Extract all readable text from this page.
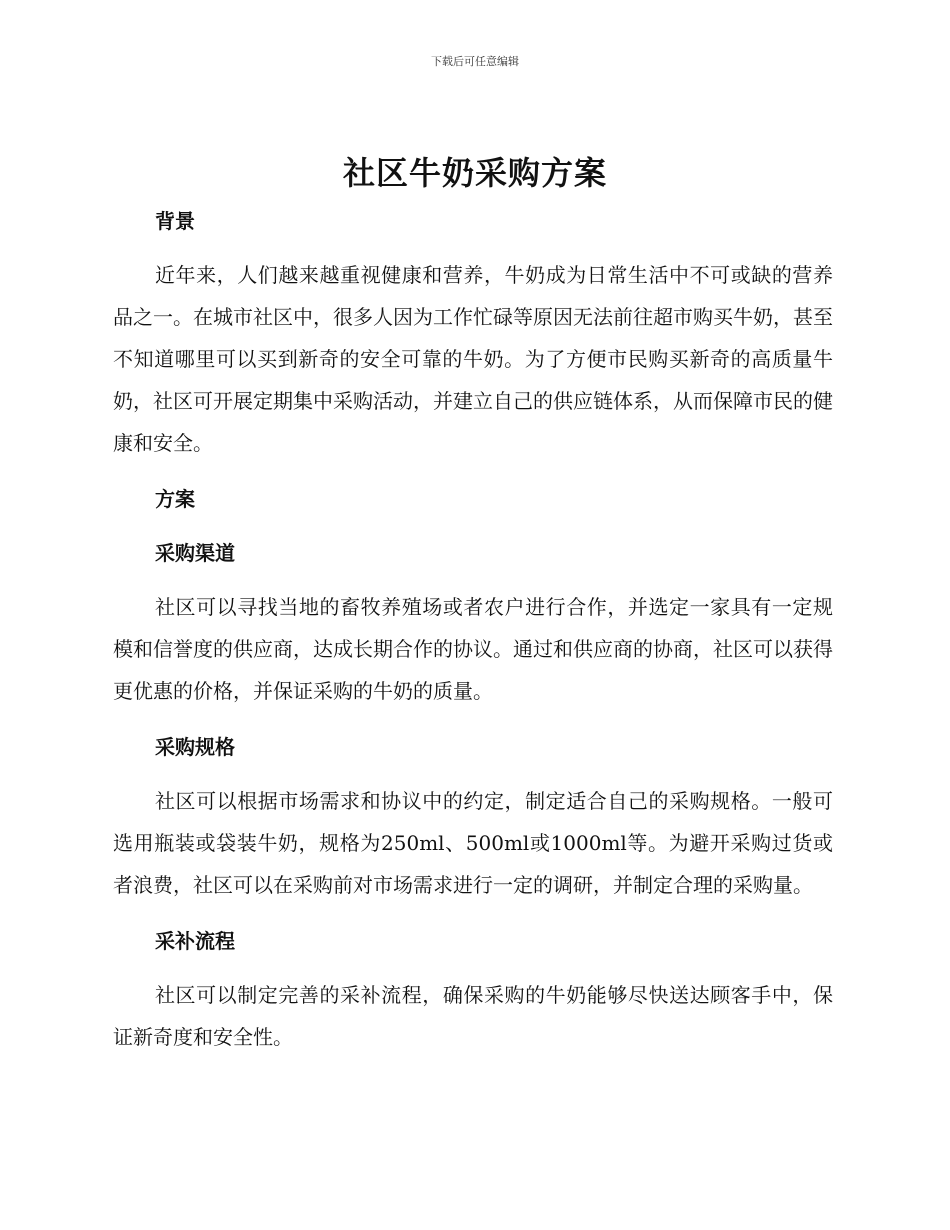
下载后可任意编辑
社区牛奶采购方案
背景

近年来，人们越来越重视健康和营养，牛奶成为日常生活中不可或缺的营养品之一。在城市社区中，很多人因为工作忙碌等原因无法前往超市购买牛奶，甚至不知道哪里可以买到新奇的安全可靠的牛奶。为了方便市民购买新奇的高质量牛奶，社区可开展定期集中采购活动，并建立自己的供应链体系，从而保障市民的健康和安全。

方案
采购渠道

社区可以寻找当地的畜牧养殖场或者农户进行合作，并选定一家具有一定规模和信誉度的供应商，达成长期合作的协议。通过和供应商的协商，社区可以获得更优惠的价格，并保证采购的牛奶的质量。

采购规格

社区可以根据市场需求和协议中的约定，制定适合自己的采购规格。一般可选用瓶装或袋装牛奶，规格为250ml、500ml或1000ml等。为避开采购过货或者浪费，社区可以在采购前对市场需求进行一定的调研，并制定合理的采购量。

采补流程

社区可以制定完善的采补流程，确保采购的牛奶能够尽快送达顾客手中，保证新奇度和安全性。
